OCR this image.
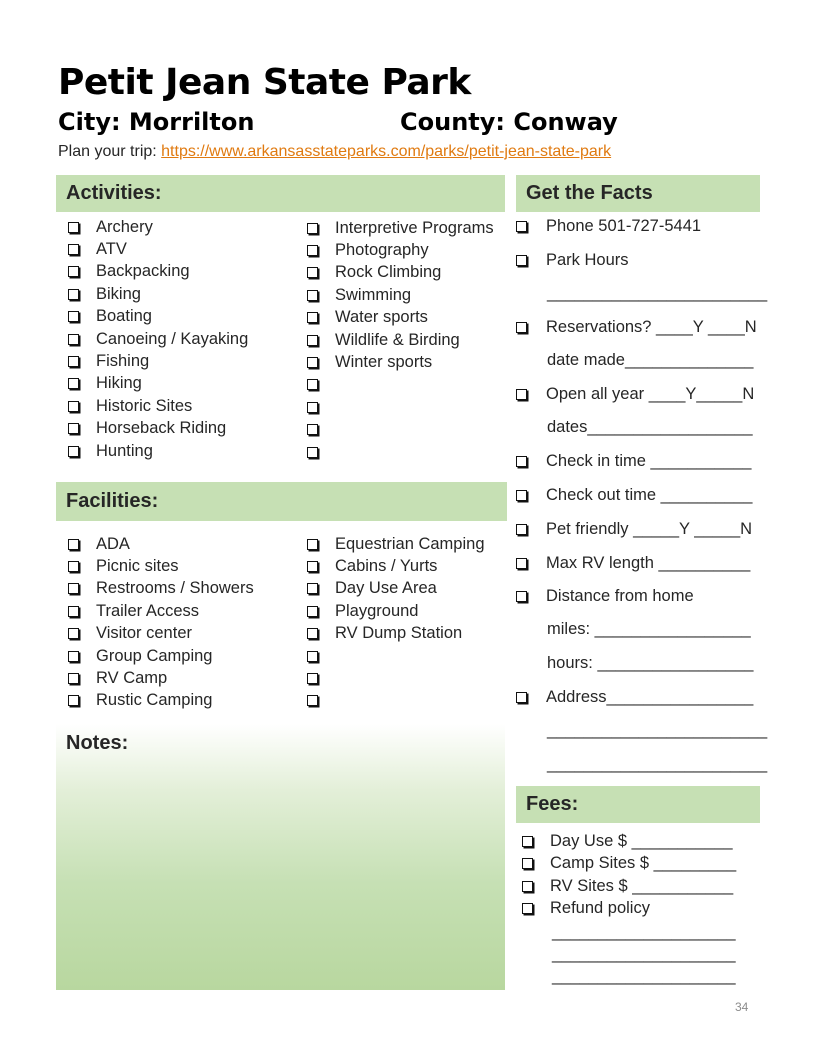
Petit Jean State Park
City: Morrilton	County: Conway
Plan your trip: https://www.arkansasstateparks.com/parks/petit-jean-state-park
Activities:
Archery
ATV
Backpacking
Biking
Boating
Canoeing / Kayaking
Fishing
Hiking
Historic Sites
Horseback Riding
Hunting
Interpretive Programs
Photography
Rock Climbing
Swimming
Water sports
Wildlife & Birding
Winter sports
Facilities:
ADA
Picnic sites
Restrooms / Showers
Trailer Access
Visitor center
Group Camping
RV Camp
Rustic Camping
Equestrian Camping
Cabins / Yurts
Day Use Area
Playground
RV Dump Station
Notes:
Get the Facts
Phone 501-727-5441
Park Hours
________________________
Reservations? ____Y ____N
date made______________
Open all year ____Y_____N
dates__________________
Check in time ___________
Check out time __________
Pet friendly _____Y _____N
Max RV length __________
Distance from home
miles: _________________
hours: _________________
Address________________
________________________
________________________
Fees:
Day Use $ ___________
Camp Sites $ _________
RV Sites $ ___________
Refund policy
____________________
____________________
____________________
34
